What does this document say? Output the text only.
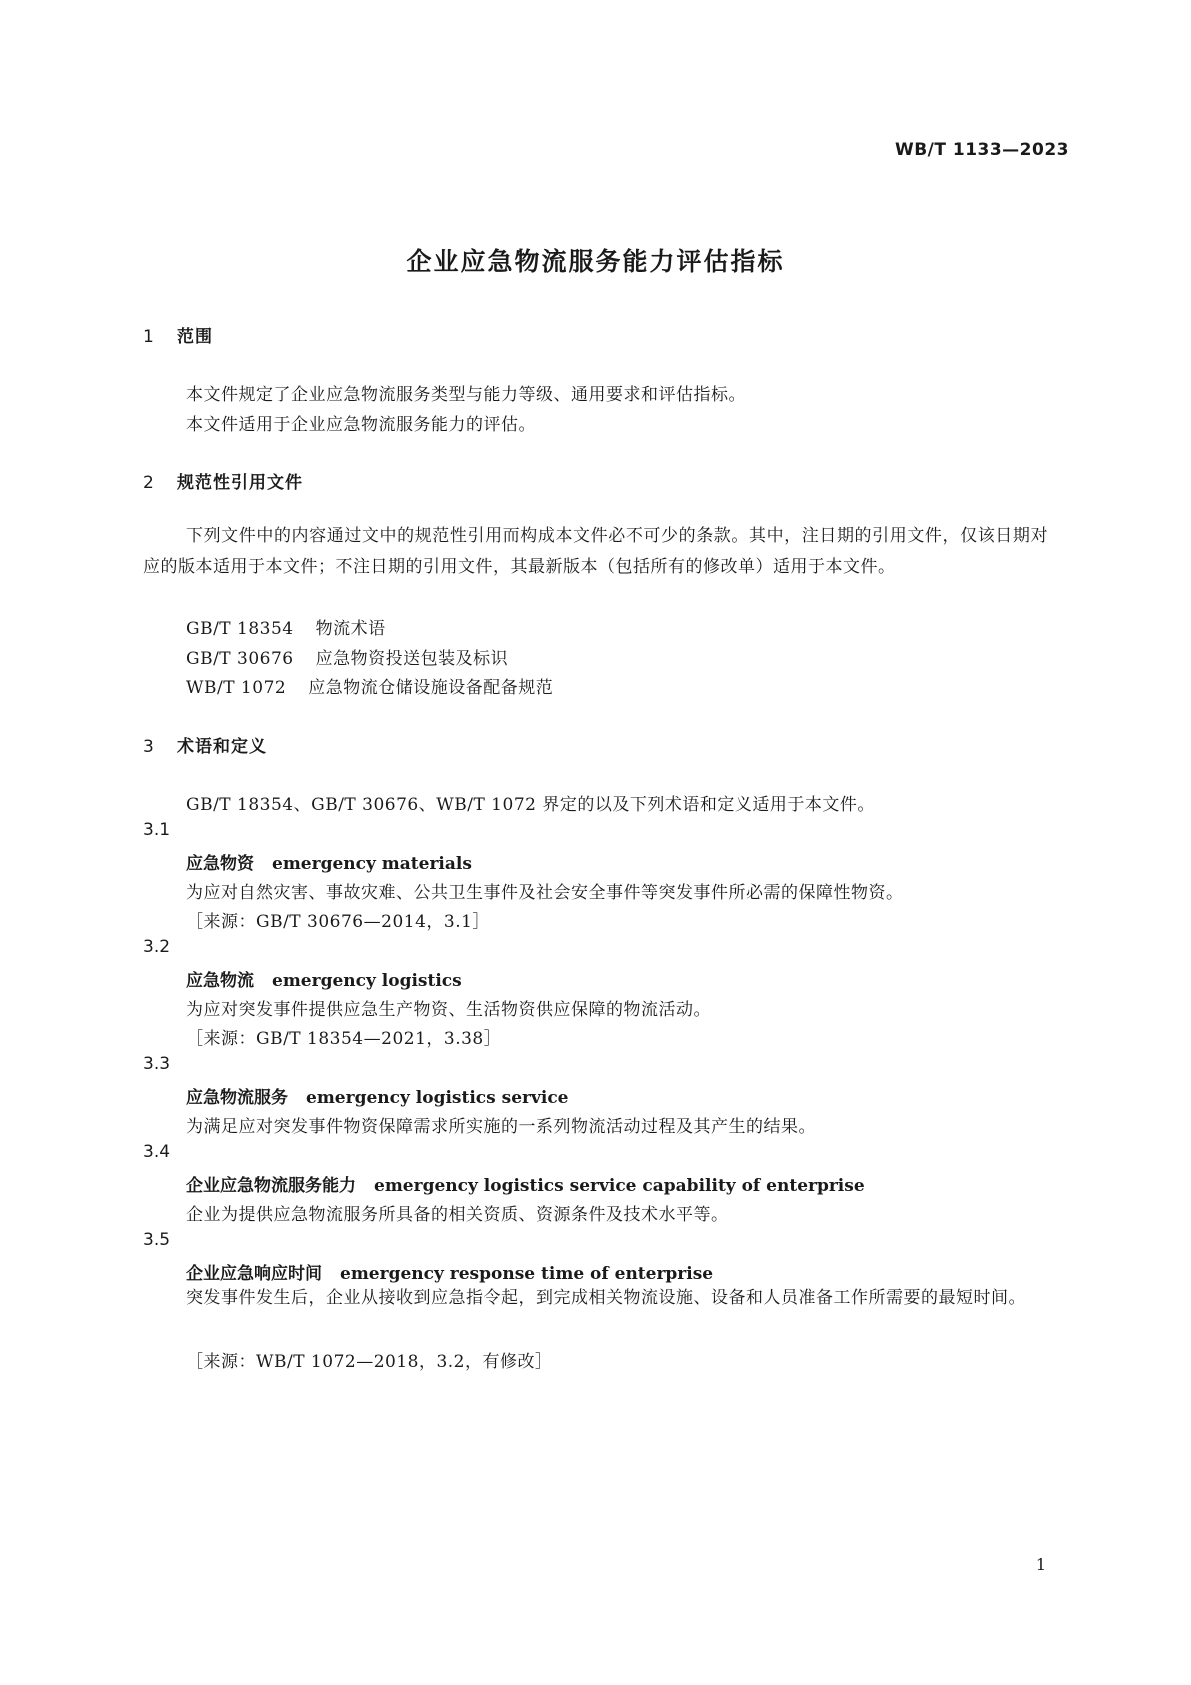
WB/T 1133—2023
企业应急物流服务能力评估指标
1 范围
本文件规定了企业应急物流服务类型与能力等级、通用要求和评估指标。
本文件适用于企业应急物流服务能力的评估。
2 规范性引用文件
下列文件中的内容通过文中的规范性引用而构成本文件必不可少的条款。其中，注日期的引用文件，仅该日期对应的版本适用于本文件；不注日期的引用文件，其最新版本（包括所有的修改单）适用于本文件。
GB/T 18354 物流术语
GB/T 30676 应急物资投送包装及标识
WB/T 1072 应急物流仓储设施设备配备规范
3 术语和定义
GB/T 18354、GB/T 30676、WB/T 1072 界定的以及下列术语和定义适用于本文件。
3.1
应急物资 emergency materials
为应对自然灾害、事故灾难、公共卫生事件及社会安全事件等突发事件所必需的保障性物资。
［来源：GB/T 30676—2014，3.1］
3.2
应急物流 emergency logistics
为应对突发事件提供应急生产物资、生活物资供应保障的物流活动。
［来源：GB/T 18354—2021，3.38］
3.3
应急物流服务 emergency logistics service
为满足应对突发事件物资保障需求所实施的一系列物流活动过程及其产生的结果。
3.4
企业应急物流服务能力 emergency logistics service capability of enterprise
企业为提供应急物流服务所具备的相关资质、资源条件及技术水平等。
3.5
企业应急响应时间 emergency response time of enterprise
突发事件发生后，企业从接收到应急指令起，到完成相关物流设施、设备和人员准备工作所需要的最短时间。
［来源：WB/T 1072—2018，3.2，有修改］
1
